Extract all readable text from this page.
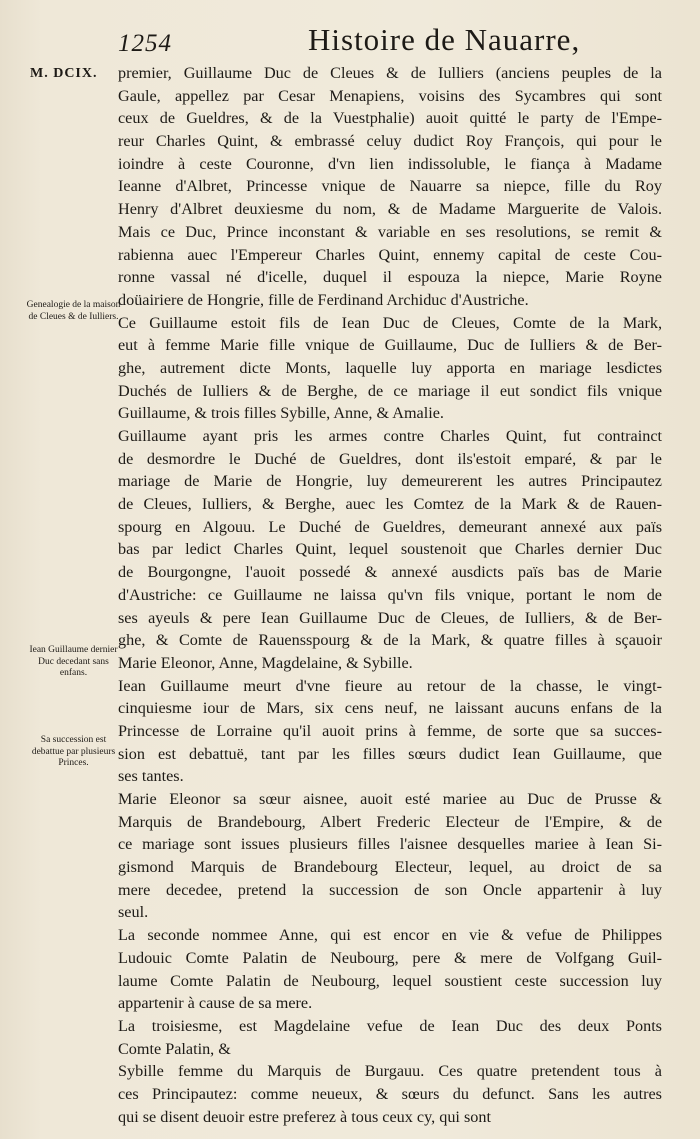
1254	Histoire de Nauarre,
M. DCIX.
Genealogie de la maison de Cleues & de Iulliers.
Iean Guillaume dernier Duc decedant sans enfans.
Sa succession est debattue par plusieurs Princes.
premier, Guillaume Duc de Cleues & de Iulliers (anciens peuples de la
Gaule, appellez par Cesar Menapiens, voisins des Sycambres qui sont
ceux de Gueldres, & de la Vuestphalie) auoit quitté le party de l'Empe-
reur Charles Quint, & embrassé celuy dudict Roy François, qui pour le
ioindre à ceste Couronne, d'vn lien indissoluble, le fiança à Madame
Ieanne d'Albret, Princesse vnique de Nauarre sa niepce, fille du Roy
Henry d'Albret deuxiesme du nom, & de Madame Marguerite de Valois.
Mais ce Duc, Prince inconstant & variable en ses resolutions, se remit &
rabienna auec l'Empereur Charles Quint, ennemy capital de ceste Cou-
ronne vassal né d'icelle, duquel il espouza la niepce, Marie Royne
doüairiere de Hongrie, fille de Ferdinand Archiduc d'Austriche.
Ce Guillaume estoit fils de Iean Duc de Cleues, Comte de la Mark,
eut à femme Marie fille vnique de Guillaume, Duc de Iulliers & de Ber-
ghe, autrement dicte Monts, laquelle luy apporta en mariage lesdictes
Duchés de Iulliers & de Berghe, de ce mariage il eut sondict fils vnique
Guillaume, & trois filles Sybille, Anne, & Amalie.
Guillaume ayant pris les armes contre Charles Quint, fut contrainct
de desmordre le Duché de Gueldres, dont ils'estoit emparé, & par le
mariage de Marie de Hongrie, luy demeurerent les autres Principautez
de Cleues, Iulliers, & Berghe, auec les Comtez de la Mark & de Rauen-
spourg en Algouu. Le Duché de Gueldres, demeurant annexé aux païs
bas par ledict Charles Quint, lequel soustenoit que Charles dernier Duc
de Bourgongne, l'auoit possedé & annexé ausdicts païs bas de Marie
d'Austriche: ce Guillaume ne laissa qu'vn fils vnique, portant le nom de
ses ayeuls & pere Iean Guillaume Duc de Cleues, de Iulliers, & de Ber-
ghe, & Comte de Rauensspourg & de la Mark, & quatre filles à sçauoir
Marie Eleonor, Anne, Magdelaine, & Sybille.
Iean Guillaume meurt d'vne fieure au retour de la chasse, le vingt-
cinquiesme iour de Mars, six cens neuf, ne laissant aucuns enfans de la
Princesse de Lorraine qu'il auoit prins à femme, de sorte que sa succes-
sion est debattuë, tant par les filles sœurs dudict Iean Guillaume, que
ses tantes.
Marie Eleonor sa sœur aisnee, auoit esté mariee au Duc de Prusse &
Marquis de Brandebourg, Albert Frederic Electeur de l'Empire, & de
ce mariage sont issues plusieurs filles l'aisnee desquelles mariee à Iean Si-
gismond Marquis de Brandebourg Electeur, lequel, au droict de sa
mere decedee, pretend la succession de son Oncle appartenir à luy
seul.
La seconde nommee Anne, qui est encor en vie & vefue de Philippes
Ludouic Comte Palatin de Neubourg, pere & mere de Volfgang Guil-
laume Comte Palatin de Neubourg, lequel soustient ceste succession luy
appartenir à cause de sa mere.
La troisiesme, est Magdelaine vefue de Iean Duc des deux Ponts
Comte Palatin, &
Sybille femme du Marquis de Burgauu. Ces quatre pretendent tous à
ces Principautez: comme neueux, & sœurs du defunct. Sans les autres
qui se disent deuoir estre preferez à tous ceux cy, qui sont
